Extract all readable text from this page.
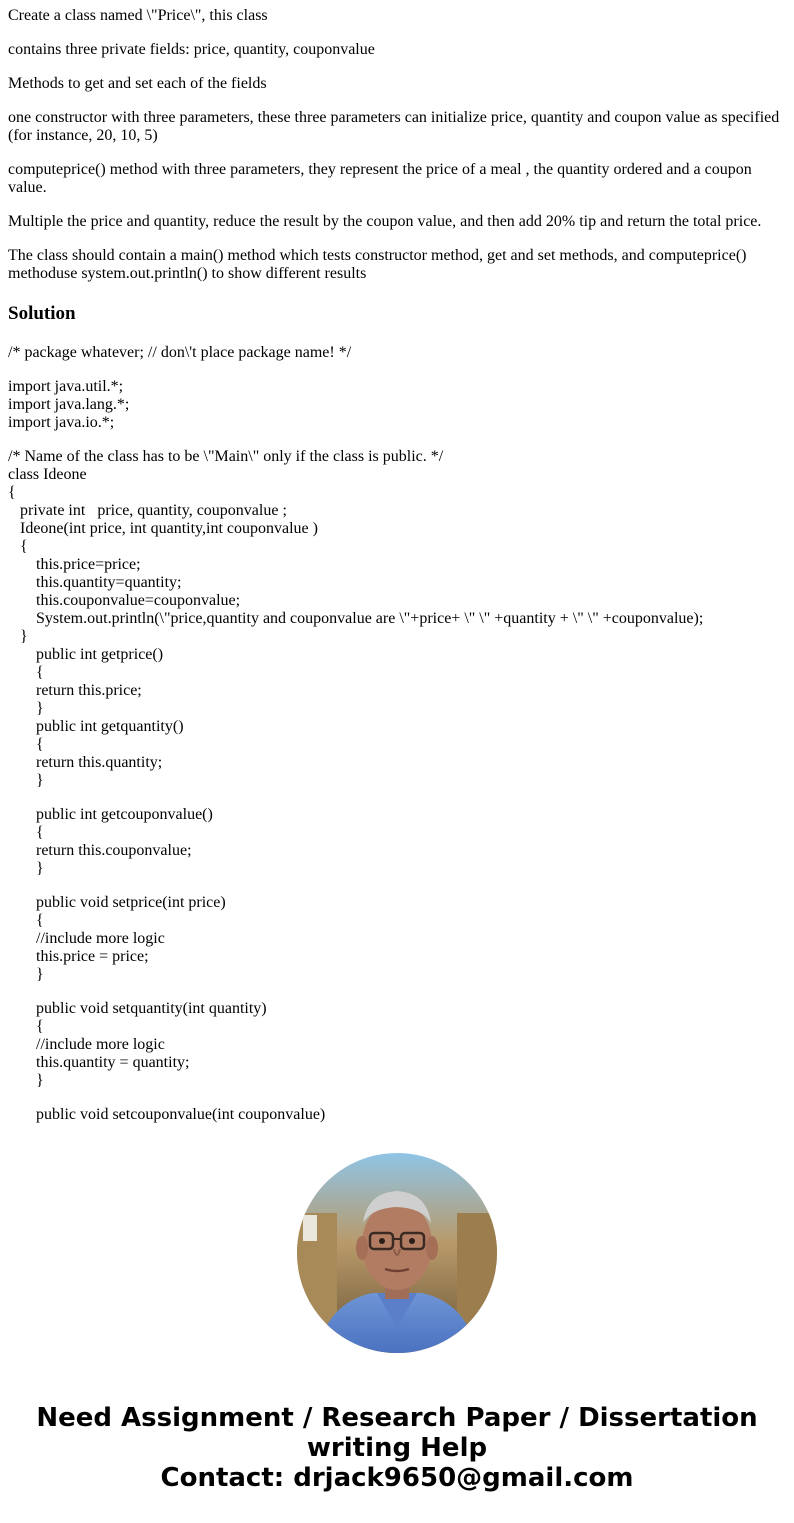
Create a class named \"Price\", this class

contains three private fields: price, quantity, couponvalue

Methods to get and set each of the fields

one constructor with three parameters, these three parameters can initialize price, quantity and coupon value as specified (for instance, 20, 10, 5)

computeprice() method with three parameters, they represent the price of a meal , the quantity ordered and a coupon value.

Multiple the price and quantity, reduce the result by the coupon value, and then add 20% tip and return the total price.

The class should contain a main() method which tests constructor method, get and set methods, and computeprice() methoduse system.out.println() to show different results

Solution
/* package whatever; // don\'t place package name! */
import java.util.*;
import java.lang.*;
import java.io.*;
/* Name of the class has to be \"Main\" only if the class is public. */
class Ideone
{
private int   price, quantity, couponvalue ;
Ideone(int price, int quantity,int couponvalue )
{
this.price=price;
this.quantity=quantity;
this.couponvalue=couponvalue;
System.out.println(\"price,quantity and couponvalue are \"+price+ \" \" +quantity + \" \" +couponvalue);
}
public int getprice()
{
return this.price;
}
public int getquantity()
{
return this.quantity;
}
public int getcouponvalue()
{
return this.couponvalue;
}
public void setprice(int price)
{
//include more logic
this.price = price;
}
public void setquantity(int quantity)
{
//include more logic
this.quantity = quantity;
}
public void setcouponvalue(int couponvalue)
Need Assignment / Research Paper / Dissertation
writing Help
Contact: drjack9650@gmail.com
